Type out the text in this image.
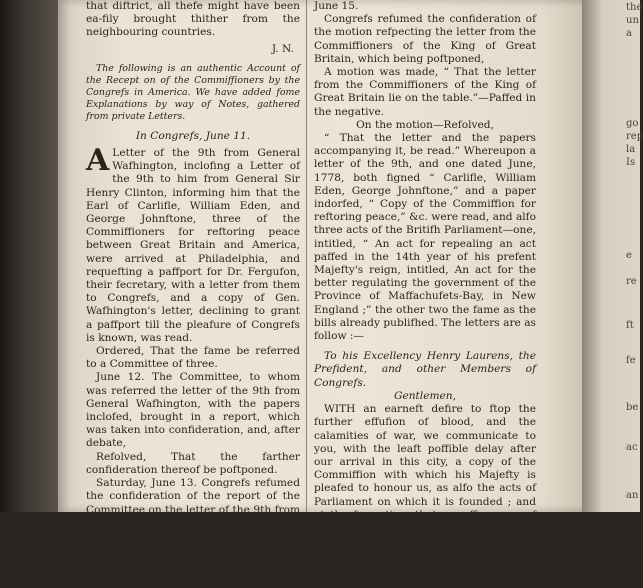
that diftrict, all thefe might have been ea-fily brought thither from the neighbouring countries.

J. N.

The following is an authentic Account of the Recept on of the Commiffioners by the Congrefs in America. We have added fome Explanations by way of Notes, gathered from private Letters.

In Congrefs, June 11.

A Letter of the 9th from General Wafhington, inclofing a Letter of the 9th to him from General Sir Henry Clinton, informing him that the Earl of Carlifle, William Eden, and George Johnftone, three of the Commiffioners for reftoring peace between Great Britain and America, were arrived at Philadelphia, and requefting a paffport for Dr. Fergufon, their fecretary, with a letter from them to Congrefs, and a copy of Gen. Wafhington's letter, declining to grant a paffport till the pleafure of Congrefs is known, was read.

Ordered, That the fame be referred to a Committee of three.

June 12. The Committee, to whom was referred the letter of the 9th from General Wafhington, with the papers inclofed, brought in a report, which was taken into confideration, and, after debate,

Refolved, That the farther confideration thereof be poftponed.

Saturday, June 13. Congrefs refumed the confideration of the report of the Committee on the letter of the 9th from General Wafhington, with the papers inclofed.

During the debate, an exprefs arrived with a letter of the 11th from General

June 15.

Congrefs refumed the confideration of the motion refpecting the letter from the Commiffioners of the King of Great Britain, which being poftponed,

A motion was made, “ That the letter from the Commiffioners of the King of Great Britain lie on the table.”—Paffed in the negative.

On the motion—Refolved,

“ That the letter and the papers accompanying it, be read.” Whereupon a letter of the 9th, and one dated June, 1778, both figned “ Carlifle, William Eden, George Johnftone,” and a paper indorfed, “ Copy of the Commiffion for reftoring peace,” &c. were read, and alfo three acts of the Britifh Parliament—one, intitled, “ An act for repealing an act paffed in the 14th year of his prefent Majefty's reign, intitled, An act for the better regulating the government of the Province of Maffachufets-Bay, in New England ;” the other two the fame as the bills already publifhed. The letters are as follow :—

To his Excellency Henry Laurens, the Prefident, and other Members of Congrefs.

Gentlemen,

WITH an earneft defire to ftop the further effufion of blood, and the calamities of war, we communicate to you, with the leaft poffible delay after our arrival in this city, a copy of the Commiffion with which his Majefty is pleafed to honour us, as alfo the acts of Parliament on which it is founded ; and at the fame time that we affure you of our moft earneft defire to re-eftablifh, on the bafis of equal freedom and mutual fafety, the tranquility of this once happy empire, you will obferve, that we are vefted with powers equal to the pur-

the
un
a
go
rep
la
Is
e
re
ft
fe
be
ac
an
